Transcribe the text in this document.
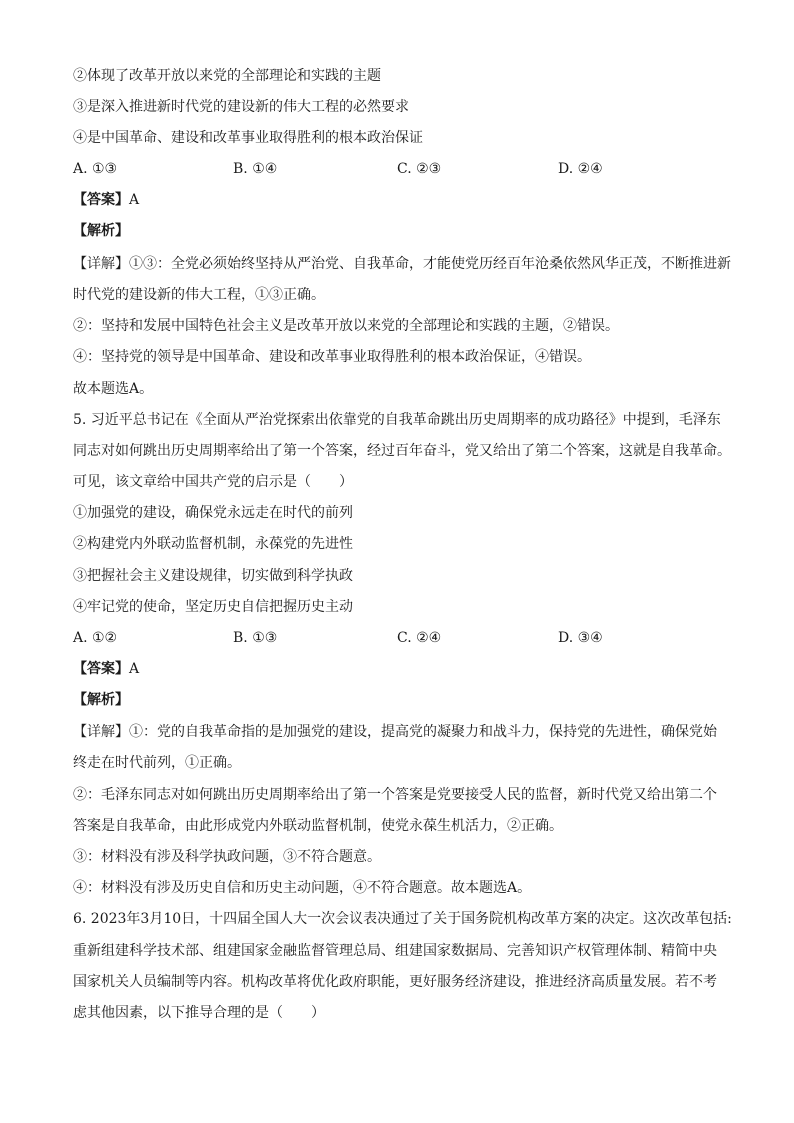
②体现了改革开放以来党的全部理论和实践的主题
③是深入推进新时代党的建设新的伟大工程的必然要求
④是中国革命、建设和改革事业取得胜利的根本政治保证
A. ①③	B. ①④	C. ②③	D. ②④
【答案】A
【解析】
【详解】①③：全党必须始终坚持从严治党、自我革命，才能使党历经百年沧桑依然风华正茂，不断推进新
时代党的建设新的伟大工程，①③正确。
②：坚持和发展中国特色社会主义是改革开放以来党的全部理论和实践的主题，②错误。
④：坚持党的领导是中国革命、建设和改革事业取得胜利的根本政治保证，④错误。
故本题选A。
5. 习近平总书记在《全面从严治党探索出依靠党的自我革命跳出历史周期率的成功路径》中提到，毛泽东
同志对如何跳出历史周期率给出了第一个答案，经过百年奋斗，党又给出了第二个答案，这就是自我革命。
可见，该文章给中国共产党的启示是（　　）
①加强党的建设，确保党永远走在时代的前列
②构建党内外联动监督机制，永葆党的先进性
③把握社会主义建设规律，切实做到科学执政
④牢记党的使命，坚定历史自信把握历史主动
A. ①②	B. ①③	C. ②④	D. ③④
【答案】A
【解析】
【详解】①：党的自我革命指的是加强党的建设，提高党的凝聚力和战斗力，保持党的先进性，确保党始
终走在时代前列，①正确。
②：毛泽东同志对如何跳出历史周期率给出了第一个答案是党要接受人民的监督，新时代党又给出第二个
答案是自我革命，由此形成党内外联动监督机制，使党永葆生机活力，②正确。
③：材料没有涉及科学执政问题，③不符合题意。
④：材料没有涉及历史自信和历史主动问题，④不符合题意。故本题选A。
6. 2023年3月10日，十四届全国人大一次会议表决通过了关于国务院机构改革方案的决定。这次改革包括:
重新组建科学技术部、组建国家金融监督管理总局、组建国家数据局、完善知识产权管理体制、精简中央
国家机关人员编制等内容。机构改革将优化政府职能，更好服务经济建设，推进经济高质量发展。若不考
虑其他因素，以下推导合理的是（　　）
